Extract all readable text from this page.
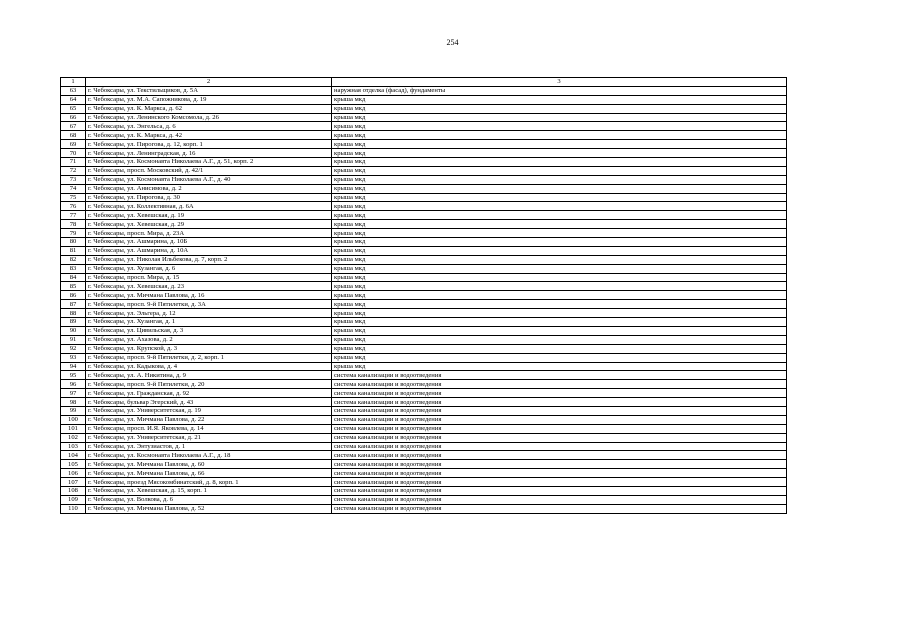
254
1	2	3
63	г. Чебоксары, ул. Текстильщиков, д. 5А	наружная отделка (фасад), фундаменты
64	г. Чебоксары, ул. М.А. Сапожникова, д. 19	крыша мкд
65	г. Чебоксары, ул. К. Маркса, д. 62	крыша мкд
66	г. Чебоксары, ул. Ленинского Комсомола, д. 26	крыша мкд
67	г. Чебоксары, ул. Энгельса, д. 6	крыша мкд
68	г. Чебоксары, ул. К. Маркса, д. 42	крыша мкд
69	г. Чебоксары, ул. Пирогова, д. 12, корп. 1	крыша мкд
70	г. Чебоксары, ул. Ленинградская, д. 16	крыша мкд
71	г. Чебоксары, ул. Космонавта Николаева А.Г., д. 51, корп. 2	крыша мкд
72	г. Чебоксары, просп. Московский, д. 42/1	крыша мкд
73	г. Чебоксары, ул. Космонавта Николаева А.Г., д. 40	крыша мкд
74	г. Чебоксары, ул. Анисимова, д. 2	крыша мкд
75	г. Чебоксары, ул. Пирогова, д. 30	крыша мкд
76	г. Чебоксары, ул. Коллективная, д. 6А	крыша мкд
77	г. Чебоксары, ул. Хевешская, д. 19	крыша мкд
78	г. Чебоксары, ул. Хевешская, д. 29	крыша мкд
79	г. Чебоксары, просп. Мира, д. 23А	крыша мкд
80	г. Чебоксары, ул. Ашмарина, д. 10Б	крыша мкд
81	г. Чебоксары, ул. Ашмарина, д. 10А	крыша мкд
82	г. Чебоксары, ул. Николая Ильбекова, д. 7, корп. 2	крыша мкд
83	г. Чебоксары, ул. Хузангая, д. 6	крыша мкд
84	г. Чебоксары, просп. Мира, д. 15	крыша мкд
85	г. Чебоксары, ул. Хевешская, д. 23	крыша мкд
86	г. Чебоксары, ул. Мичмана Павлова, д. 16	крыша мкд
87	г. Чебоксары, просп. 9-й Пятилетки, д. 3А	крыша мкд
88	г. Чебоксары, ул. Эльгера, д. 12	крыша мкд
89	г. Чебоксары, ул. Хузангая, д. 1	крыша мкд
90	г. Чебоксары, ул. Цивильская, д. 3	крыша мкд
91	г. Чебоксары, ул. Ахазова, д. 2	крыша мкд
92	г. Чебоксары, ул. Крупской, д. 3	крыша мкд
93	г. Чебоксары, просп. 9-й Пятилетки, д. 2, корп. 1	крыша мкд
94	г. Чебоксары, ул. Кадыкова, д. 4	крыша мкд
95	г. Чебоксары, ул. А. Никитина, д. 9	система канализации и водоотведения
96	г. Чебоксары, просп. 9-й Пятилетки, д. 20	система канализации и водоотведения
97	г. Чебоксары, ул. Гражданская, д. 92	система канализации и водоотведения
98	г. Чебоксары, бульвар Эгерский, д. 43	система канализации и водоотведения
99	г. Чебоксары, ул. Университетская, д. 19	система канализации и водоотведения
100	г. Чебоксары, ул. Мичмана Павлова, д. 22	система канализации и водоотведения
101	г. Чебоксары, просп. И.Я. Яковлева, д. 14	система канализации и водоотведения
102	г. Чебоксары, ул. Университетская, д. 21	система канализации и водоотведения
103	г. Чебоксары, ул. Энтузиастов, д. 1	система канализации и водоотведения
104	г. Чебоксары, ул. Космонавта Николаева А.Г., д. 18	система канализации и водоотведения
105	г. Чебоксары, ул. Мичмана Павлова, д. 60	система канализации и водоотведения
106	г. Чебоксары, ул. Мичмана Павлова, д. 66	система канализации и водоотведения
107	г. Чебоксары, проезд Мясокомбинатский, д. 8, корп. 1	система канализации и водоотведения
108	г. Чебоксары, ул. Хевешская, д. 15, корп. 1	система канализации и водоотведения
109	г. Чебоксары, ул. Волкова, д. 6	система канализации и водоотведения
110	г. Чебоксары, ул. Мичмана Павлова, д. 52	система канализации и водоотведения
